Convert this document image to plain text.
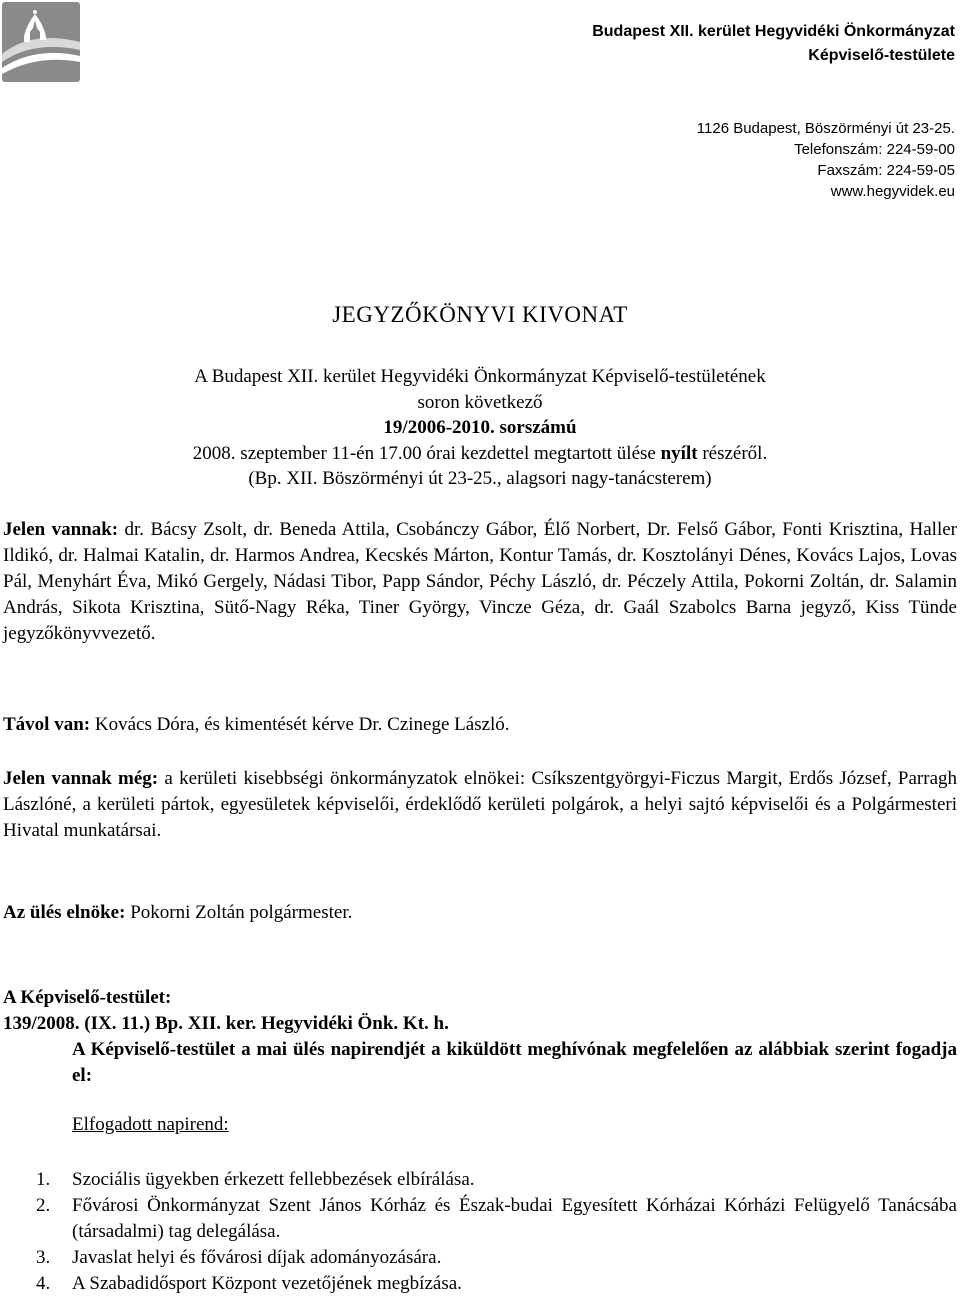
Budapest XII. kerület Hegyvidéki Önkormányzat
Képviselő-testülete
1126 Budapest, Böszörményi út 23-25.
Telefonszám: 224-59-00
Faxszám: 224-59-05
www.hegyvidek.eu
JEGYZŐKÖNYVI KIVONAT
A Budapest XII. kerület Hegyvidéki Önkormányzat Képviselő-testületének
soron következő
19/2006-2010. sorszámú
2008. szeptember 11-én 17.00 órai kezdettel megtartott ülése nyílt részéről.
(Bp. XII. Böszörményi út 23-25., alagsori nagy-tanácsterem)
Jelen vannak: dr. Bácsy Zsolt, dr. Beneda Attila, Csobánczy Gábor, Élő Norbert, Dr. Felső Gábor, Fonti Krisztina, Haller Ildikó, dr. Halmai Katalin, dr. Harmos Andrea, Kecskés Márton, Kontur Tamás, dr. Kosztolányi Dénes, Kovács Lajos, Lovas Pál, Menyhárt Éva, Mikó Gergely, Nádasi Tibor, Papp Sándor, Péchy László, dr. Péczely Attila, Pokorni Zoltán, dr. Salamin András, Sikota Krisztina, Sütő-Nagy Réka, Tiner György, Vincze Géza, dr. Gaál Szabolcs Barna jegyző, Kiss Tünde jegyzőkönyvvezető.
Távol van: Kovács Dóra, és kimentését kérve Dr. Czinege László.
Jelen vannak még: a kerületi kisebbségi önkormányzatok elnökei: Csíkszentgyörgyi-Ficzus Margit, Erdős József, Parragh Lászlóné, a kerületi pártok, egyesületek képviselői, érdeklődő kerületi polgárok, a helyi sajtó képviselői és a Polgármesteri Hivatal munkatársai.
Az ülés elnöke: Pokorni Zoltán polgármester.
A Képviselő-testület:
139/2008. (IX. 11.) Bp. XII. ker. Hegyvidéki Önk. Kt. h.
A Képviselő-testület a mai ülés napirendjét a kiküldött meghívónak megfelelően az alábbiak szerint fogadja el:
Elfogadott napirend:
1. Szociális ügyekben érkezett fellebbezések elbírálása.
2. Fővárosi Önkormányzat Szent János Kórház és Észak-budai Egyesített Kórházai Kórházi Felügyelő Tanácsába (társadalmi) tag delegálása.
3. Javaslat helyi és fővárosi díjak adományozására.
4. A Szabadidősport Központ vezetőjének megbízása.
